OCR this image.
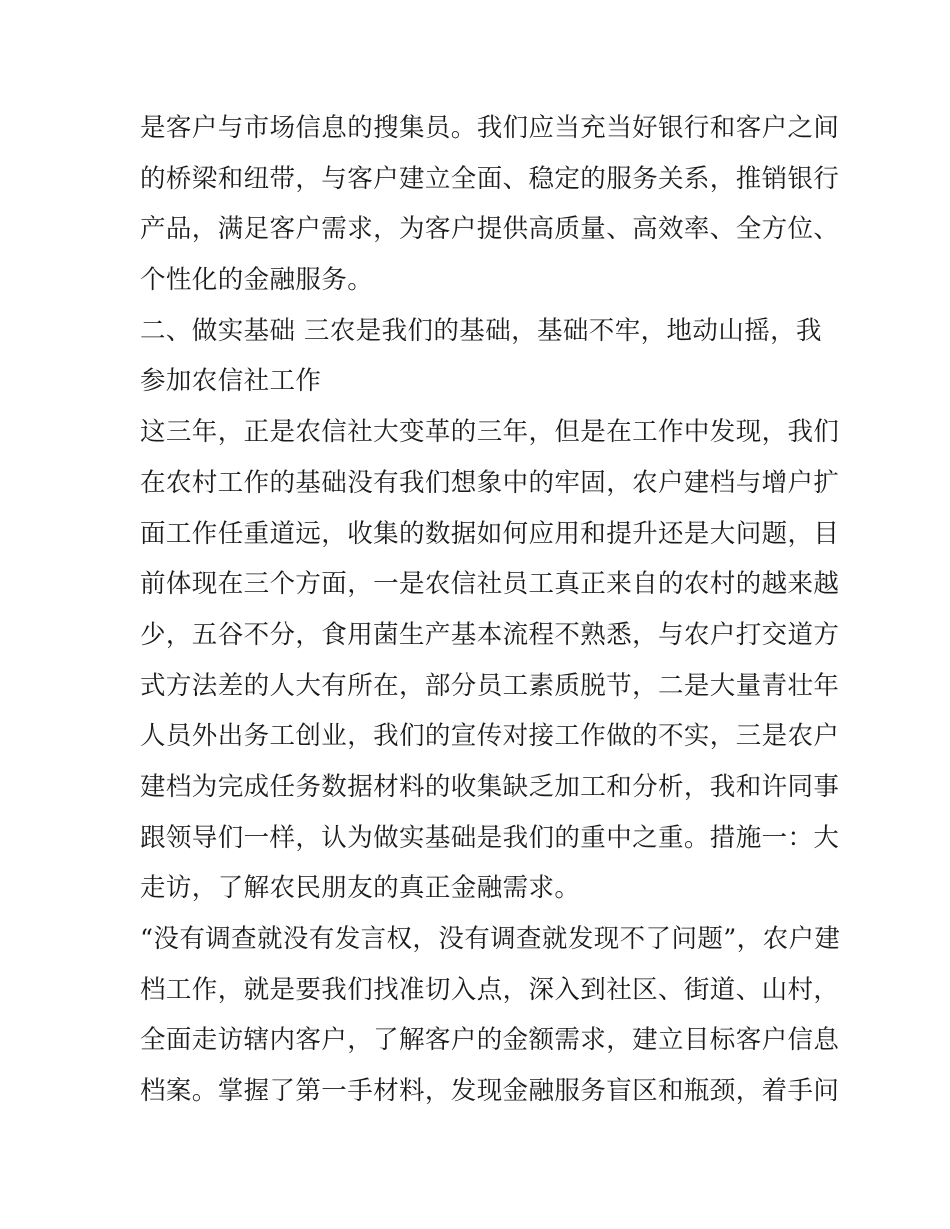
是客户与市场信息的搜集员。我们应当充当好银行和客户之间
的桥梁和纽带，与客户建立全面、稳定的服务关系，推销银行
产品，满足客户需求，为客户提供高质量、高效率、全方位、
个性化的金融服务。
二、做实基础 三农是我们的基础，基础不牢，地动山摇，我
参加农信社工作
这三年，正是农信社大变革的三年，但是在工作中发现，我们
在农村工作的基础没有我们想象中的牢固，农户建档与增户扩
面工作任重道远，收集的数据如何应用和提升还是大问题，目
前体现在三个方面，一是农信社员工真正来自的农村的越来越
少，五谷不分，食用菌生产基本流程不熟悉，与农户打交道方
式方法差的人大有所在，部分员工素质脱节，二是大量青壮年
人员外出务工创业，我们的宣传对接工作做的不实，三是农户
建档为完成任务数据材料的收集缺乏加工和分析，我和许同事
跟领导们一样，认为做实基础是我们的重中之重。措施一：大
走访，了解农民朋友的真正金融需求。
“没有调查就没有发言权，没有调查就发现不了问题”，农户建
档工作，就是要我们找准切入点，深入到社区、街道、山村，
全面走访辖内客户，了解客户的金额需求，建立目标客户信息
档案。掌握了第一手材料，发现金融服务盲区和瓶颈，着手问
